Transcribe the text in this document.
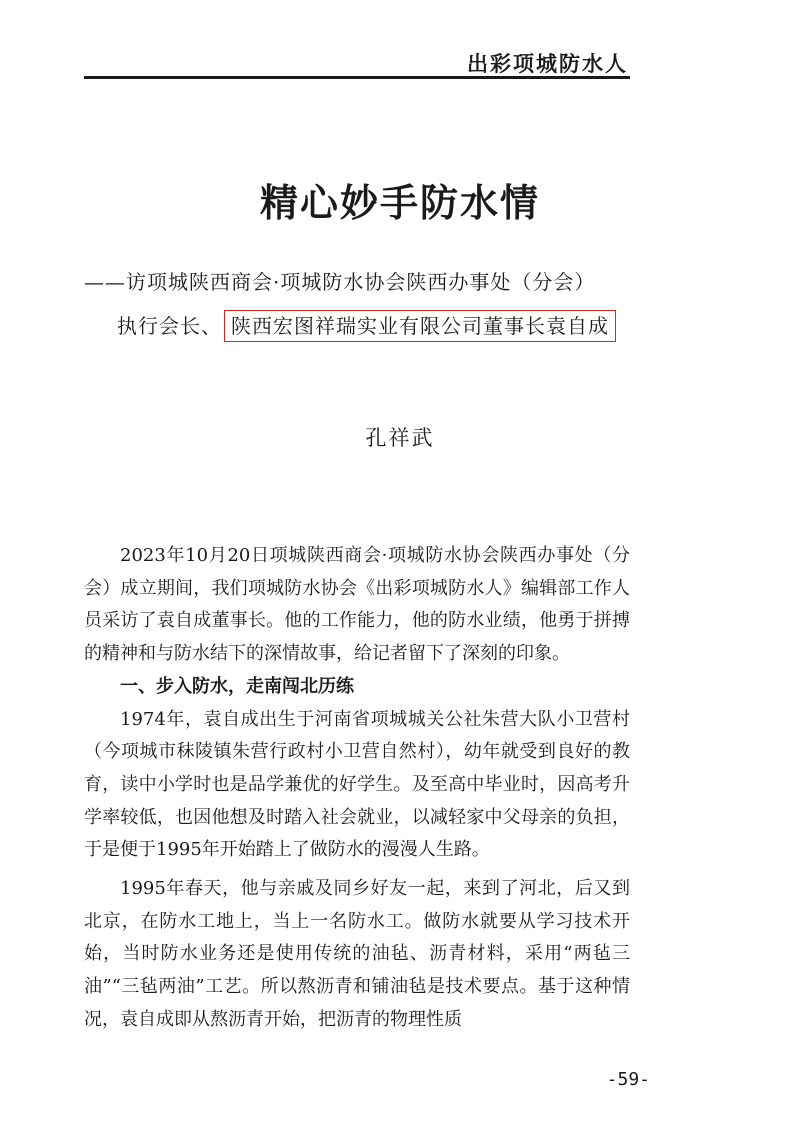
出彩项城防水人
精心妙手防水情
——访项城陕西商会·项城防水协会陕西办事处（分会）
执行会长、 陕西宏图祥瑞实业有限公司董事长袁自成
孔祥武

2023年10月20日项城陕西商会·项城防水协会陕西办事处（分会）成立期间，我们项城防水协会《出彩项城防水人》编辑部工作人员采访了袁自成董事长。他的工作能力，他的防水业绩，他勇于拼搏的精神和与防水结下的深情故事，给记者留下了深刻的印象。

一、步入防水，走南闯北历练

1974年，袁自成出生于河南省项城城关公社朱营大队小卫营村（今项城市秣陵镇朱营行政村小卫营自然村），幼年就受到良好的教育，读中小学时也是品学兼优的好学生。及至高中毕业时，因高考升学率较低，也因他想及时踏入社会就业，以减轻家中父母亲的负担，于是便于1995年开始踏上了做防水的漫漫人生路。

1995年春天，他与亲戚及同乡好友一起，来到了河北，后又到北京，在防水工地上，当上一名防水工。做防水就要从学习技术开始，当时防水业务还是使用传统的油毡、沥青材料，采用“两毡三油”“三毡两油”工艺。所以熬沥青和铺油毡是技术要点。基于这种情况，袁自成即从熬沥青开始，把沥青的物理性质

-59-
